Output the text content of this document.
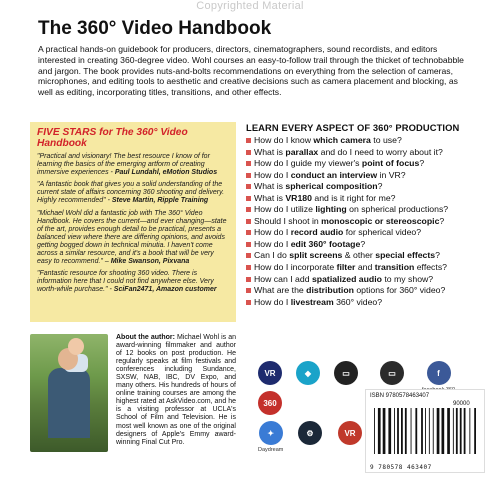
Copyrighted Material
The 360° Video Handbook
A practical hands-on guidebook for producers, directors, cinematographers, sound recordists, and editors interested in creating 360-degree video. Wohl courses an easy-to-follow trail through the thicket of technobabble and jargon. The book provides nuts-and-bolts recommendations on everything from the selection of cameras, microphones, and editing tools to aesthetic and creative decisions such as camera placement and blocking, as well as editing, incorporating titles, transitions, and other effects.
FIVE STARS for The 360° Video Handbook
"Practical and visionary! The best resource I know of for learning the basics of the emerging artform of creating immersive experiences - Paul Lundahl, eMotion Studios
"A fantastic book that gives you a solid understanding of the current state of affairs concerning 360 shooting and delivery. Highly recommended" - Steve Martin, Ripple Training
"Michael Wohl did a fantastic job with The 360° Video Handbook. He covers the current—and ever changing—state of the art, provides enough detail to be practical, presents a balanced view where there are differing opinions, and avoids getting bogged down in technical minutia. I haven't come across a similar resource, and it's a book that will be very easy to recommend." – Mike Swanson, Pixvana
"Fantastic resource for shooting 360 video. There is information here that I could not find anywhere else. Very worth-while purchase." - SciFan2471, Amazon customer
LEARN EVERY ASPECT OF 360° PRODUCTION
How do I know which camera to use?
What is parallax and do I need to worry about it?
How do I guide my viewer's point of focus?
How do I conduct an interview in VR?
What is spherical composition?
What is VR180 and is it right for me?
How do I utilize lighting on spherical productions?
Should I shoot in monoscopic or stereoscopic?
How do I record audio for spherical video?
How do I edit 360° footage?
Can I do split screens & other special effects?
How do I incorporate filter and transition effects?
How can I add spatialized audio to my show?
What are the distribution options for 360° video?
How do I livestream 360° video?
About the author: Michael Wohl is an award-winning filmmaker and author of 12 books on post production. He regularly speaks at film festivals and conferences including Sundance, SXSW, NAB, IBC, DV Expo, and many others. His hundreds of hours of online training courses are among the highest rated at AskVideo.com, and he is a visiting professor at UCLA's School of Film and Television. He is most well known as one of the original designers of Apple's Emmy award-winning Final Cut Pro.
VR	◆	▭	▭	f
360
✦
Daydream
⚙	VR
ISBN 9780578463407
90000
9 780578 463407
